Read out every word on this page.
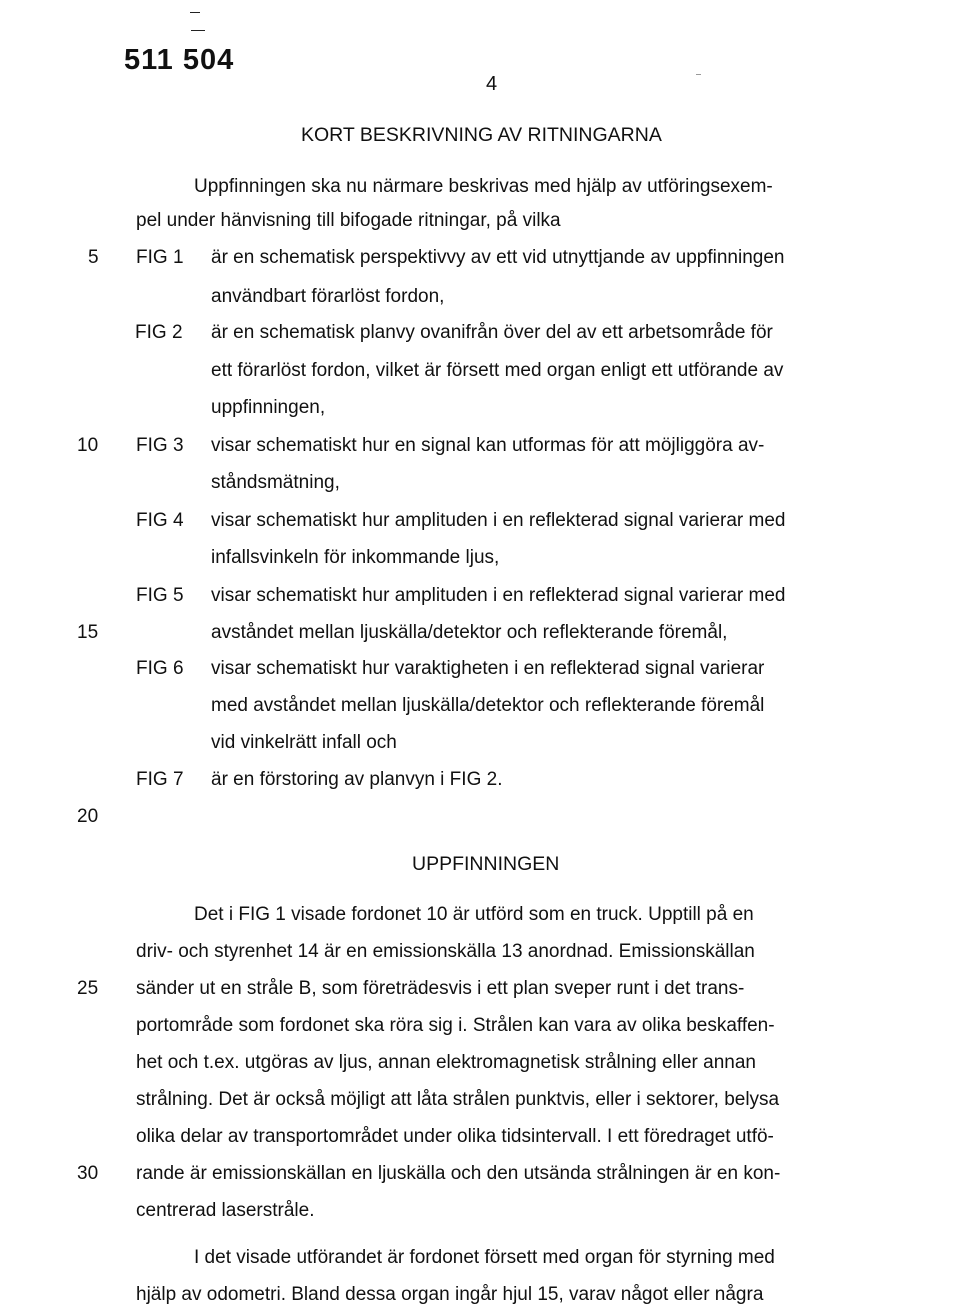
511 504
4
KORT BESKRIVNING AV RITNINGARNA
Uppfinningen ska nu närmare beskrivas med hjälp av utföringsexem-
pel under hänvisning till bifogade ritningar, på vilka
FIG 1 är en schematisk perspektivvy av ett vid utnyttjande av uppfinningen
användbart förarlöst fordon,
FIG 2 är en schematisk planvy ovanifrån över del av ett arbetsområde för
ett förarlöst fordon, vilket är försett med organ enligt ett utförande av
uppfinningen,
FIG 3 visar schematiskt hur en signal kan utformas för att möjliggöra av-
ståndsmätning,
FIG 4 visar schematiskt hur amplituden i en reflekterad signal varierar med
infallsvinkeln för inkommande ljus,
FIG 5 visar schematiskt hur amplituden i en reflekterad signal varierar med
avståndet mellan ljuskälla/detektor och reflekterande föremål,
FIG 6 visar schematiskt hur varaktigheten i en reflekterad signal varierar
med avståndet mellan ljuskälla/detektor och reflekterande föremål
vid vinkelrätt infall och
FIG 7 är en förstoring av planvyn i FIG 2.
UPPFINNINGEN
Det i FIG 1 visade fordonet 10 är utförd som en truck. Upptill på en
driv- och styrenhet 14 är en emissionskälla 13 anordnad. Emissionskällan
sänder ut en stråle B, som företrädesvis i ett plan sveper runt i det trans-
portområde som fordonet ska röra sig i. Strålen kan vara av olika beskaffen-
het och t.ex. utgöras av ljus, annan elektromagnetisk strålning eller annan
strålning. Det är också möjligt att låta strålen punktvis, eller i sektorer, belysa
olika delar av transportområdet under olika tidsintervall. I ett föredraget utfö-
rande är emissionskällan en ljuskälla och den utsända strålningen är en kon-
centrerad laserstråle.
I det visade utförandet är fordonet försett med organ för styrning med
hjälp av odometri. Bland dessa organ ingår hjul 15, varav något eller några
5
10
15
20
25
30
